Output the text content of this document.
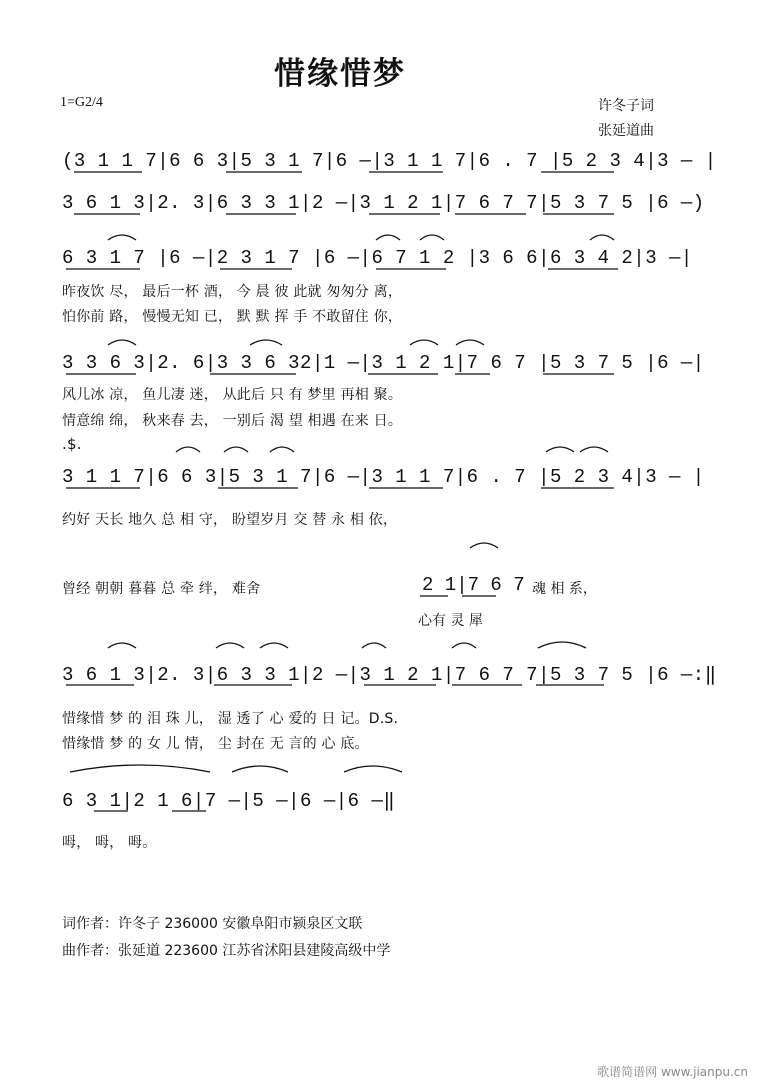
惜缘惜梦
1=G2/4	许冬子词
张延道曲
(3 1 1 7|6 6 3|5 3 1 7|6 —|3 1 1 7|6 . 7 |5 2 3 4|3 — |
3 6 1 3|2. 3|6 3 3 1|2 —|3 1 2 1|7 6 7 7|5 3 7 5 |6 —)
6 3 1 7 |6 —|2 3 1 7 |6 —|6 7 1 2 |3 6 6|6 3 4 2|3 —|
昨夜饮 尽， 最后一杯 酒， 今 晨 彼 此就 匆匆分 离，
怕你前 路， 慢慢无知 已， 默 默 挥 手 不敢留住 你，
3 3 6 3|2. 6|3 3 6 32|1 —|3 1 2 1|7 6 7 |5 3 7 5 |6 —|
风儿冰 凉， 鱼儿凄 迷， 从此后 只 有 梦里 再相 聚。
情意绵 绵， 秋来春 去， 一别后 渴 望 相遇 在来 日。
.$.
3 1 1 7|6 6 3|5 3 1 7|6 —|3 1 1 7|6 . 7 |5 2 3 4|3 — |
约好 天长 地久 总 相 守， 盼望岁月 交 替 永 相 依，
曾经 朝朝 暮暮 总 牵 绊， 难舍	2 1|7 6 7 魂 相 系，
心有 灵 犀
3 6 1 3|2. 3|6 3 3 1|2 —|3 1 2 1|7 6 7 7|5 3 7 5 |6 —:‖
惜缘惜 梦 的 泪 珠 儿， 湿 透了 心 爱的 日 记。D.S.
惜缘惜 梦 的 女 儿 情， 尘 封在 无 言的 心 底。
6 3 1|2 1 6|7 —|5 —|6 —|6 —‖
呣， 呣， 呣。
词作者：许冬子 236000 安徽阜阳市颍泉区文联
曲作者：张延道 223600 江苏省沭阳县建陵高级中学
歌谱简谱网 www.jianpu.cn
